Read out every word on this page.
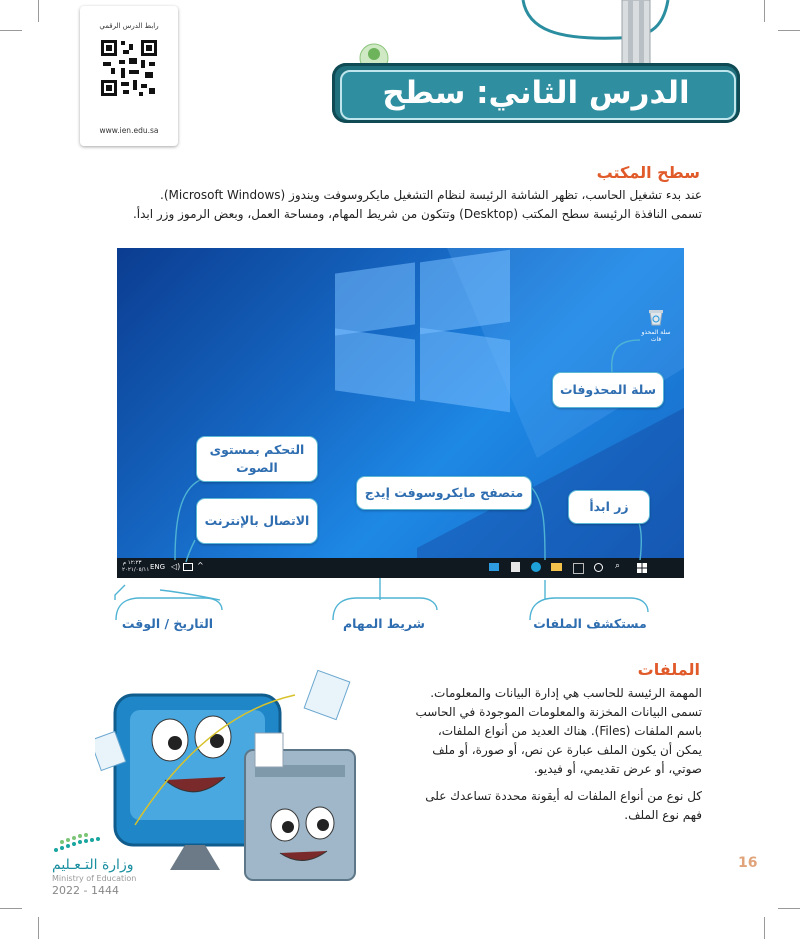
رابط الدرس الرقمي
www.ien.edu.sa
الدرس الثاني: سطح المكتب
سطح المكتب
عند بدء تشغيل الحاسب، تظهر الشاشة الرئيسة لنظام التشغيل مايكروسوفت ويندوز (Microsoft Windows).
تسمى النافذة الرئيسة سطح المكتب (Desktop) وتتكون من شريط المهام، ومساحة العمل، وبعض الرموز وزر ابدأ.
سلة المحذو فات
١٢:٢٣ م
٢٠٢١/٠٥/١١ ENG ◁) ^	⌕
سلة المحذوفات
التحكم بمستوى الصوت
الاتصال بالإنترنت
متصفح مايكروسوفت إيدج
زر ابدأ
التاريخ / الوقت	شريط المهام	مستكشف الملفات
الملفات
المهمة الرئيسة للحاسب هي إدارة البيانات والمعلومات.
تسمى البيانات المخزنة والمعلومات الموجودة في الحاسب
باسم الملفات (Files). هناك العديد من أنواع الملفات،
يمكن أن يكون الملف عبارة عن نص، أو صورة، أو ملف
صوتي، أو عرض تقديمي، أو فيديو.
كل نوع من أنواع الملفات له أيقونة محددة تساعدك على
فهم نوع الملف.
وزارة التـعـليم
Ministry of Education
2022 - 1444
16
